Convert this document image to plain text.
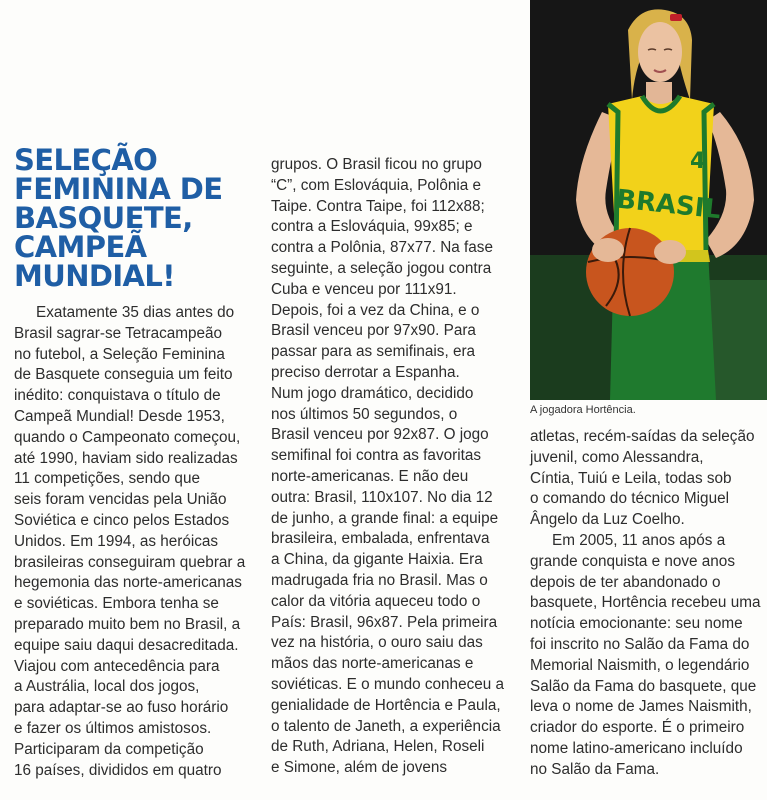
SELEÇÃO
FEMININA DE
BASQUETE,
CAMPEÃ
MUNDIAL!

Exatamente 35 dias antes do
Brasil sagrar-se Tetracampeão
no futebol, a Seleção Feminina
de Basquete conseguia um feito
inédito: conquistava o título de
Campeã Mundial! Desde 1953,
quando o Campeonato começou,
até 1990, haviam sido realizadas
11 competições, sendo que
seis foram vencidas pela União
Soviética e cinco pelos Estados
Unidos. Em 1994, as heróicas
brasileiras conseguiram quebrar a
hegemonia das norte-americanas
e soviéticas. Embora tenha se
preparado muito bem no Brasil, a
equipe saiu daqui desacreditada.
Viajou com antecedência para
a Austrália, local dos jogos,
para adaptar-se ao fuso horário
e fazer os últimos amistosos.
Participaram da competição
16 países, divididos em quatro

grupos. O Brasil ficou no grupo
“C”, com Eslováquia, Polônia e
Taipe. Contra Taipe, foi 112x88;
contra a Eslováquia, 99x85; e
contra a Polônia, 87x77. Na fase
seguinte, a seleção jogou contra
Cuba e venceu por 111x91.
Depois, foi a vez da China, e o
Brasil venceu por 97x90. Para
passar para as semifinais, era
preciso derrotar a Espanha.
Num jogo dramático, decidido
nos últimos 50 segundos, o
Brasil venceu por 92x87. O jogo
semifinal foi contra as favoritas
norte-americanas. E não deu
outra: Brasil, 110x107. No dia 12
de junho, a grande final: a equipe
brasileira, embalada, enfrentava
a China, da gigante Haixia. Era
madrugada fria no Brasil. Mas o
calor da vitória aqueceu todo o
País: Brasil, 96x87. Pela primeira
vez na história, o ouro saiu das
mãos das norte-americanas e
soviéticas. E o mundo conheceu a
genialidade de Hortência e Paula,
o talento de Janeth, a experiência
de Ruth, Adriana, Helen, Roseli
e Simone, além de jovens

4
BRASIL
A jogadora Hortência.

atletas, recém-saídas da seleção
juvenil, como Alessandra,
Cíntia, Tuiú e Leila, todas sob
o comando do técnico Miguel
Ângelo da Luz Coelho.

Em 2005, 11 anos após a
grande conquista e nove anos
depois de ter abandonado o
basquete, Hortência recebeu uma
notícia emocionante: seu nome
foi inscrito no Salão da Fama do
Memorial Naismith, o legendário
Salão da Fama do basquete, que
leva o nome de James Naismith,
criador do esporte. É o primeiro
nome latino-americano incluído
no Salão da Fama.
